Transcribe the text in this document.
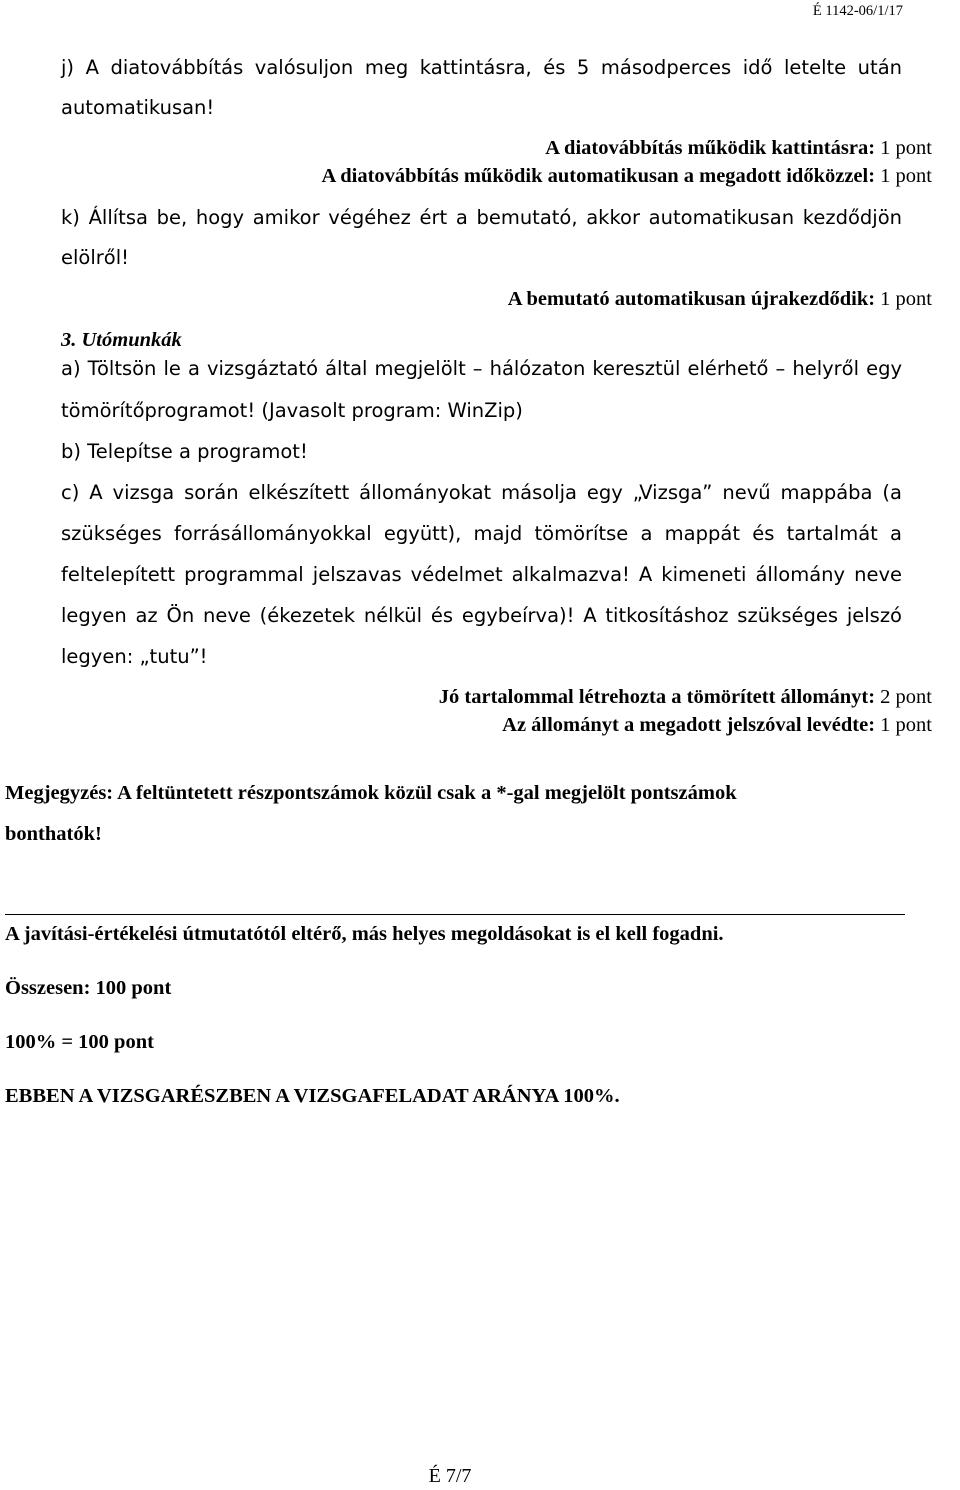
É 1142-06/1/17
j) A diatovábbítás valósuljon meg kattintásra, és 5 másodperces idő letelte után
automatikusan!
A diatovábbítás működik kattintásra: 1 pont
A diatovábbítás működik automatikusan a megadott időközzel: 1 pont
k) Állítsa be, hogy amikor végéhez ért a bemutató, akkor automatikusan kezdődjön
elölről!
A bemutató automatikusan újrakezdődik: 1 pont
3. Utómunkák
a) Töltsön le a vizsgáztató által megjelölt – hálózaton keresztül elérhető – helyről egy
tömörítőprogramot! (Javasolt program: WinZip)
b) Telepítse a programot!
c) A vizsga során elkészített állományokat másolja egy „Vizsga” nevű mappába (a
szükséges forrásállományokkal együtt), majd tömörítse a mappát és tartalmát a
feltelepített programmal jelszavas védelmet alkalmazva! A kimeneti állomány neve
legyen az Ön neve (ékezetek nélkül és egybeírva)! A titkosításhoz szükséges jelszó
legyen: „tutu”!
Jó tartalommal létrehozta a tömörített állományt: 2 pont
Az állományt a megadott jelszóval levédte: 1 pont
Megjegyzés: A feltüntetett részpontszámok közül csak a *-gal megjelölt pontszámok
bonthatók!
A javítási-értékelési útmutatótól eltérő, más helyes megoldásokat is el kell fogadni.
Összesen: 100 pont
100% = 100 pont
EBBEN A VIZSGARÉSZBEN A VIZSGAFELADAT ARÁNYA 100%.
É 7/7
